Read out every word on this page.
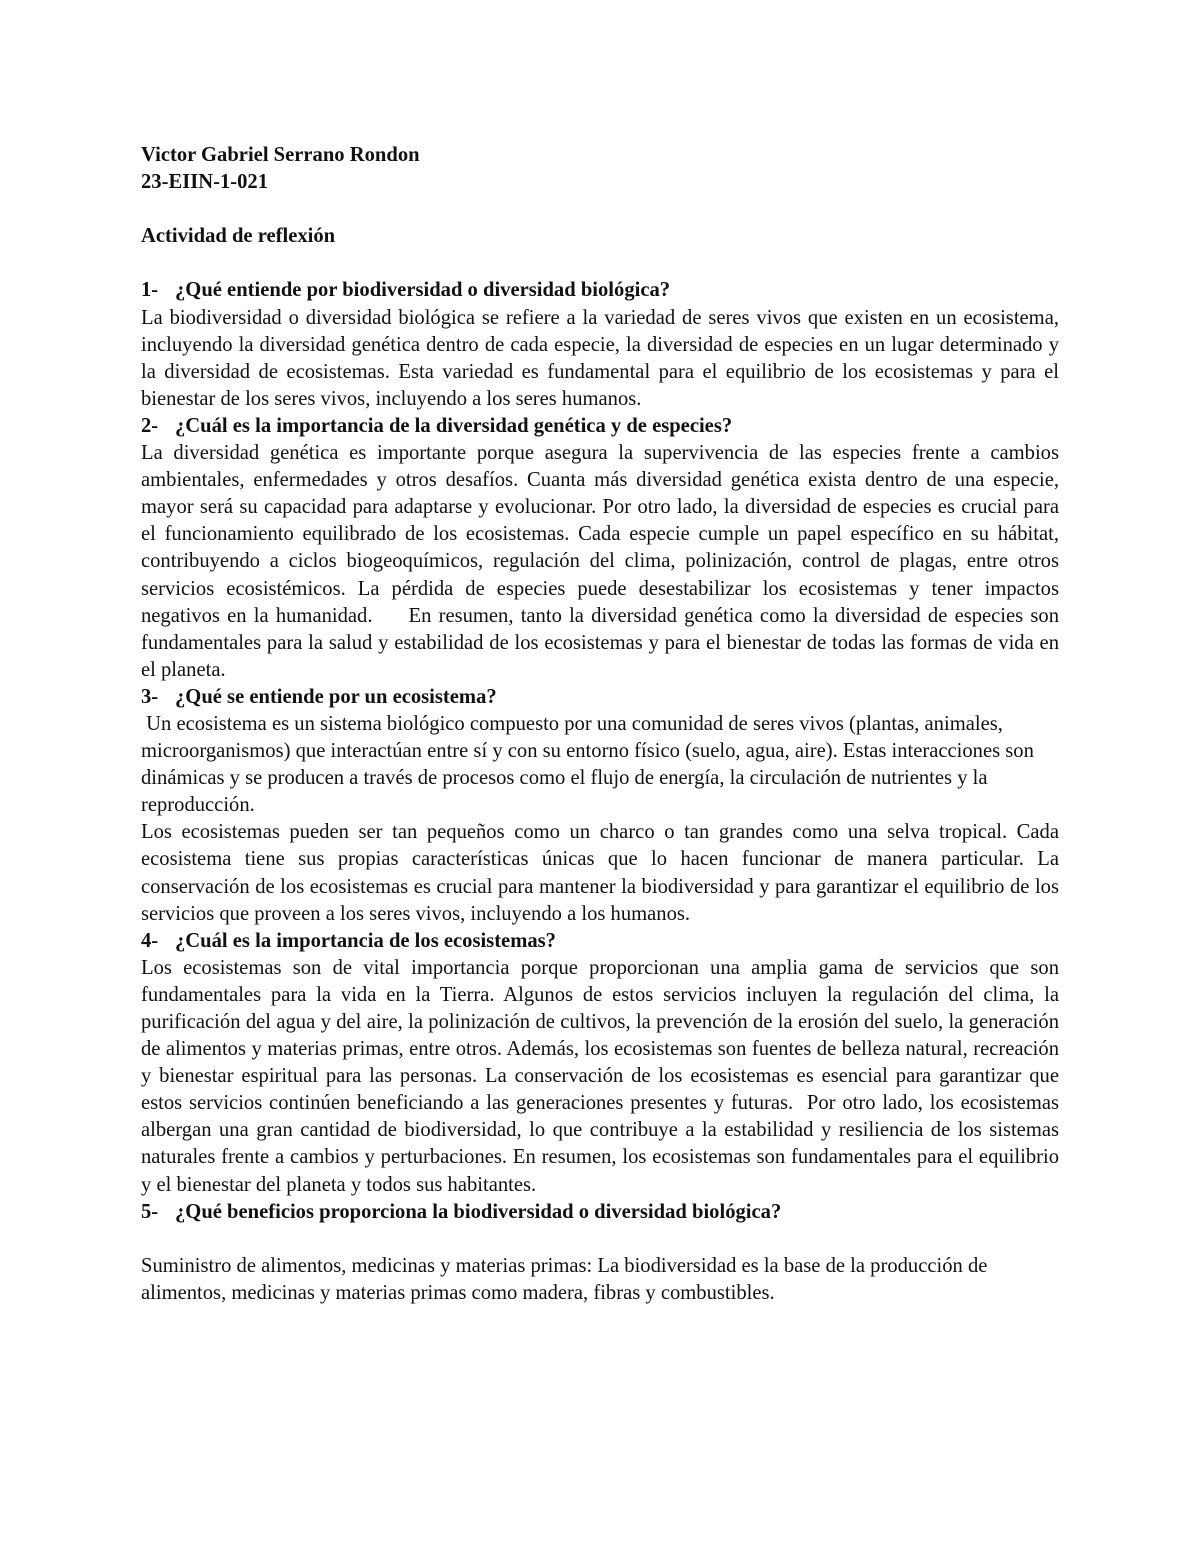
Victor Gabriel Serrano Rondon
23-EIIN-1-021
Actividad de reflexión
1- ¿Qué entiende por biodiversidad o diversidad biológica?

La biodiversidad o diversidad biológica se refiere a la variedad de seres vivos que existen en un ecosistema, incluyendo la diversidad genética dentro de cada especie, la diversidad de especies en un lugar determinado y la diversidad de ecosistemas. Esta variedad es fundamental para el equilibrio de los ecosistemas y para el bienestar de los seres vivos, incluyendo a los seres humanos.

2- ¿Cuál es la importancia de la diversidad genética y de especies?

La diversidad genética es importante porque asegura la supervivencia de las especies frente a cambios ambientales, enfermedades y otros desafíos. Cuanta más diversidad genética exista dentro de una especie, mayor será su capacidad para adaptarse y evolucionar. Por otro lado, la diversidad de especies es crucial para el funcionamiento equilibrado de los ecosistemas. Cada especie cumple un papel específico en su hábitat, contribuyendo a ciclos biogeoquímicos, regulación del clima, polinización, control de plagas, entre otros servicios ecosistémicos. La pérdida de especies puede desestabilizar los ecosistemas y tener impactos negativos en la humanidad.     En resumen, tanto la diversidad genética como la diversidad de especies son fundamentales para la salud y estabilidad de los ecosistemas y para el bienestar de todas las formas de vida en el planeta.

3- ¿Qué se entiende por un ecosistema?

Un ecosistema es un sistema biológico compuesto por una comunidad de seres vivos (plantas, animales, microorganismos) que interactúan entre sí y con su entorno físico (suelo, agua, aire). Estas interacciones son dinámicas y se producen a través de procesos como el flujo de energía, la circulación de nutrientes y la reproducción.

Los ecosistemas pueden ser tan pequeños como un charco o tan grandes como una selva tropical. Cada ecosistema tiene sus propias características únicas que lo hacen funcionar de manera particular. La conservación de los ecosistemas es crucial para mantener la biodiversidad y para garantizar el equilibrio de los servicios que proveen a los seres vivos, incluyendo a los humanos.

4- ¿Cuál es la importancia de los ecosistemas?

Los ecosistemas son de vital importancia porque proporcionan una amplia gama de servicios que son fundamentales para la vida en la Tierra. Algunos de estos servicios incluyen la regulación del clima, la purificación del agua y del aire, la polinización de cultivos, la prevención de la erosión del suelo, la generación de alimentos y materias primas, entre otros. Además, los ecosistemas son fuentes de belleza natural, recreación y bienestar espiritual para las personas. La conservación de los ecosistemas es esencial para garantizar que estos servicios continúen beneficiando a las generaciones presentes y futuras.  Por otro lado, los ecosistemas albergan una gran cantidad de biodiversidad, lo que contribuye a la estabilidad y resiliencia de los sistemas naturales frente a cambios y perturbaciones. En resumen, los ecosistemas son fundamentales para el equilibrio y el bienestar del planeta y todos sus habitantes.

5- ¿Qué beneficios proporciona la biodiversidad o diversidad biológica?

Suministro de alimentos, medicinas y materias primas: La biodiversidad es la base de la producción de alimentos, medicinas y materias primas como madera, fibras y combustibles.
